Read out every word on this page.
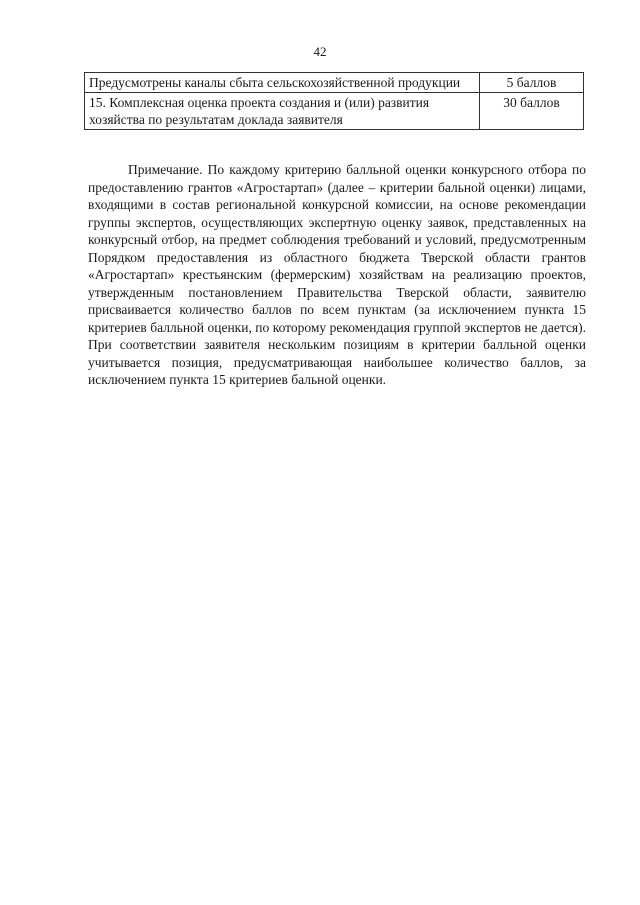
42
Предусмотрены каналы сбыта сельскохозяйственной продукции	5 баллов
15. Комплексная оценка проекта создания и (или) развития хозяйства по результатам доклада заявителя	30 баллов

Примечание. По каждому критерию балльной оценки конкурсного отбора по предоставлению грантов «Агростартап» (далее – критерии бальной оценки) лицами, входящими в состав региональной конкурсной комиссии, на основе рекомендации группы экспертов, осуществляющих экспертную оценку заявок, представленных на конкурсный отбор, на предмет соблюдения требований и условий, предусмотренным Порядком предоставления из областного бюджета Тверской области грантов «Агростартап» крестьянским (фермерским) хозяйствам на реализацию проектов, утвержденным постановлением Правительства Тверской области, заявителю присваивается количество баллов по всем пунктам (за исключением пункта 15 критериев балльной оценки, по которому рекомендация группой экспертов не дается). При соответствии заявителя нескольким позициям в критерии балльной оценки учитывается позиция, предусматривающая наибольшее количество баллов, за исключением пункта 15 критериев бальной оценки.
